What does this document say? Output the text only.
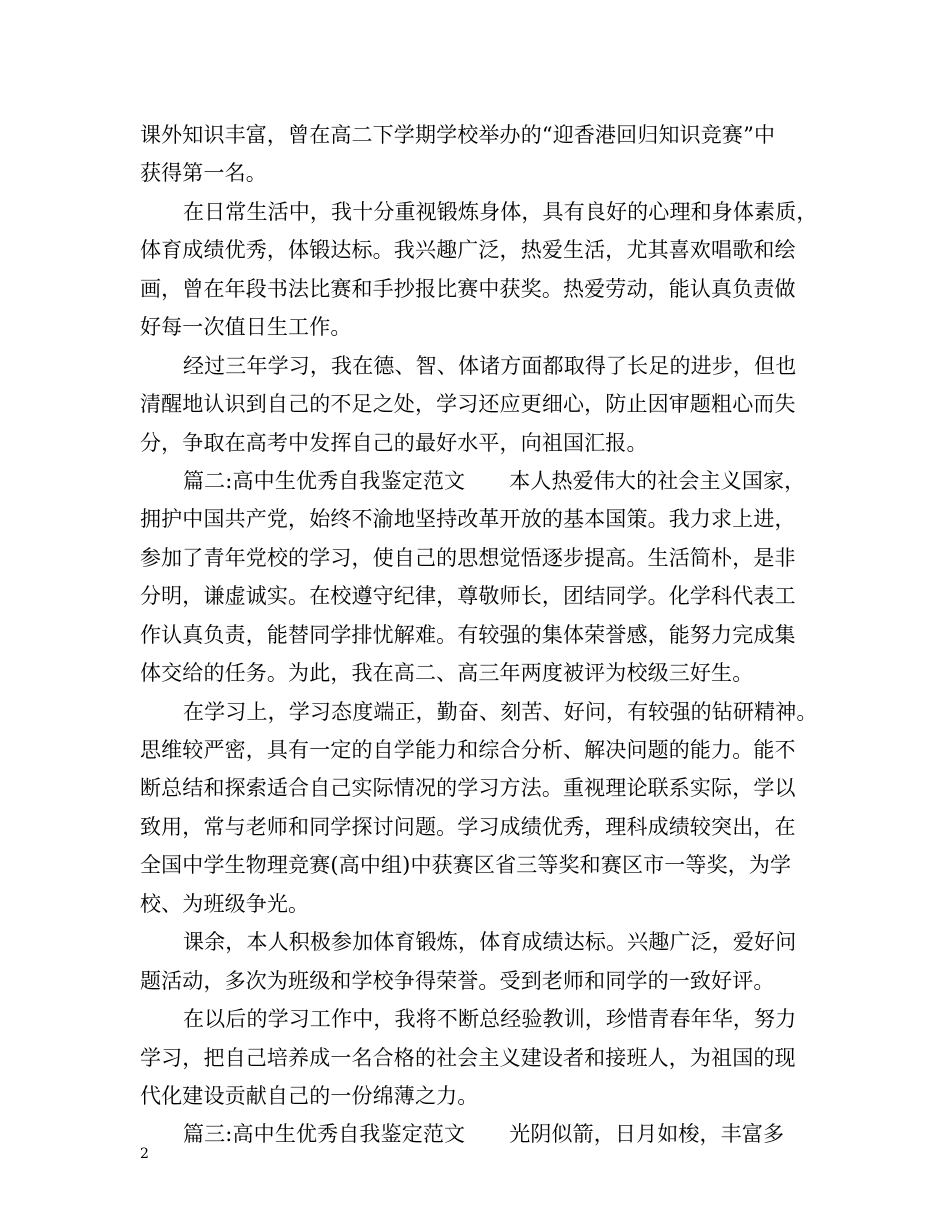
课外知识丰富，曾在高二下学期学校举办的“迎香港回归知识竞赛”中
获得第一名。
在日常生活中，我十分重视锻炼身体，具有良好的心理和身体素质，
体育成绩优秀，体锻达标。我兴趣广泛，热爱生活，尤其喜欢唱歌和绘
画，曾在年段书法比赛和手抄报比赛中获奖。热爱劳动，能认真负责做
好每一次值日生工作。
经过三年学习，我在德、智、体诸方面都取得了长足的进步，但也
清醒地认识到自己的不足之处，学习还应更细心，防止因审题粗心而失
分，争取在高考中发挥自己的最好水平，向祖国汇报。
篇二:高中生优秀自我鉴定范文 本人热爱伟大的社会主义国家，
拥护中国共产党，始终不渝地坚持改革开放的基本国策。我力求上进，
参加了青年党校的学习，使自己的思想觉悟逐步提高。生活简朴，是非
分明，谦虚诚实。在校遵守纪律，尊敬师长，团结同学。化学科代表工
作认真负责，能替同学排忧解难。有较强的集体荣誉感，能努力完成集
体交给的任务。为此，我在高二、高三年两度被评为校级三好生。
在学习上，学习态度端正，勤奋、刻苦、好问，有较强的钻研精神。
思维较严密，具有一定的自学能力和综合分析、解决问题的能力。能不
断总结和探索适合自己实际情况的学习方法。重视理论联系实际，学以
致用，常与老师和同学探讨问题。学习成绩优秀，理科成绩较突出，在
全国中学生物理竞赛(高中组)中获赛区省三等奖和赛区市一等奖，为学
校、为班级争光。
课余，本人积极参加体育锻炼，体育成绩达标。兴趣广泛，爱好问
题活动，多次为班级和学校争得荣誉。受到老师和同学的一致好评。
在以后的学习工作中，我将不断总经验教训，珍惜青春年华，努力
学习，把自己培养成一名合格的社会主义建设者和接班人，为祖国的现
代化建设贡献自己的一份绵薄之力。
篇三:高中生优秀自我鉴定范文 光阴似箭，日月如梭，丰富多
2
